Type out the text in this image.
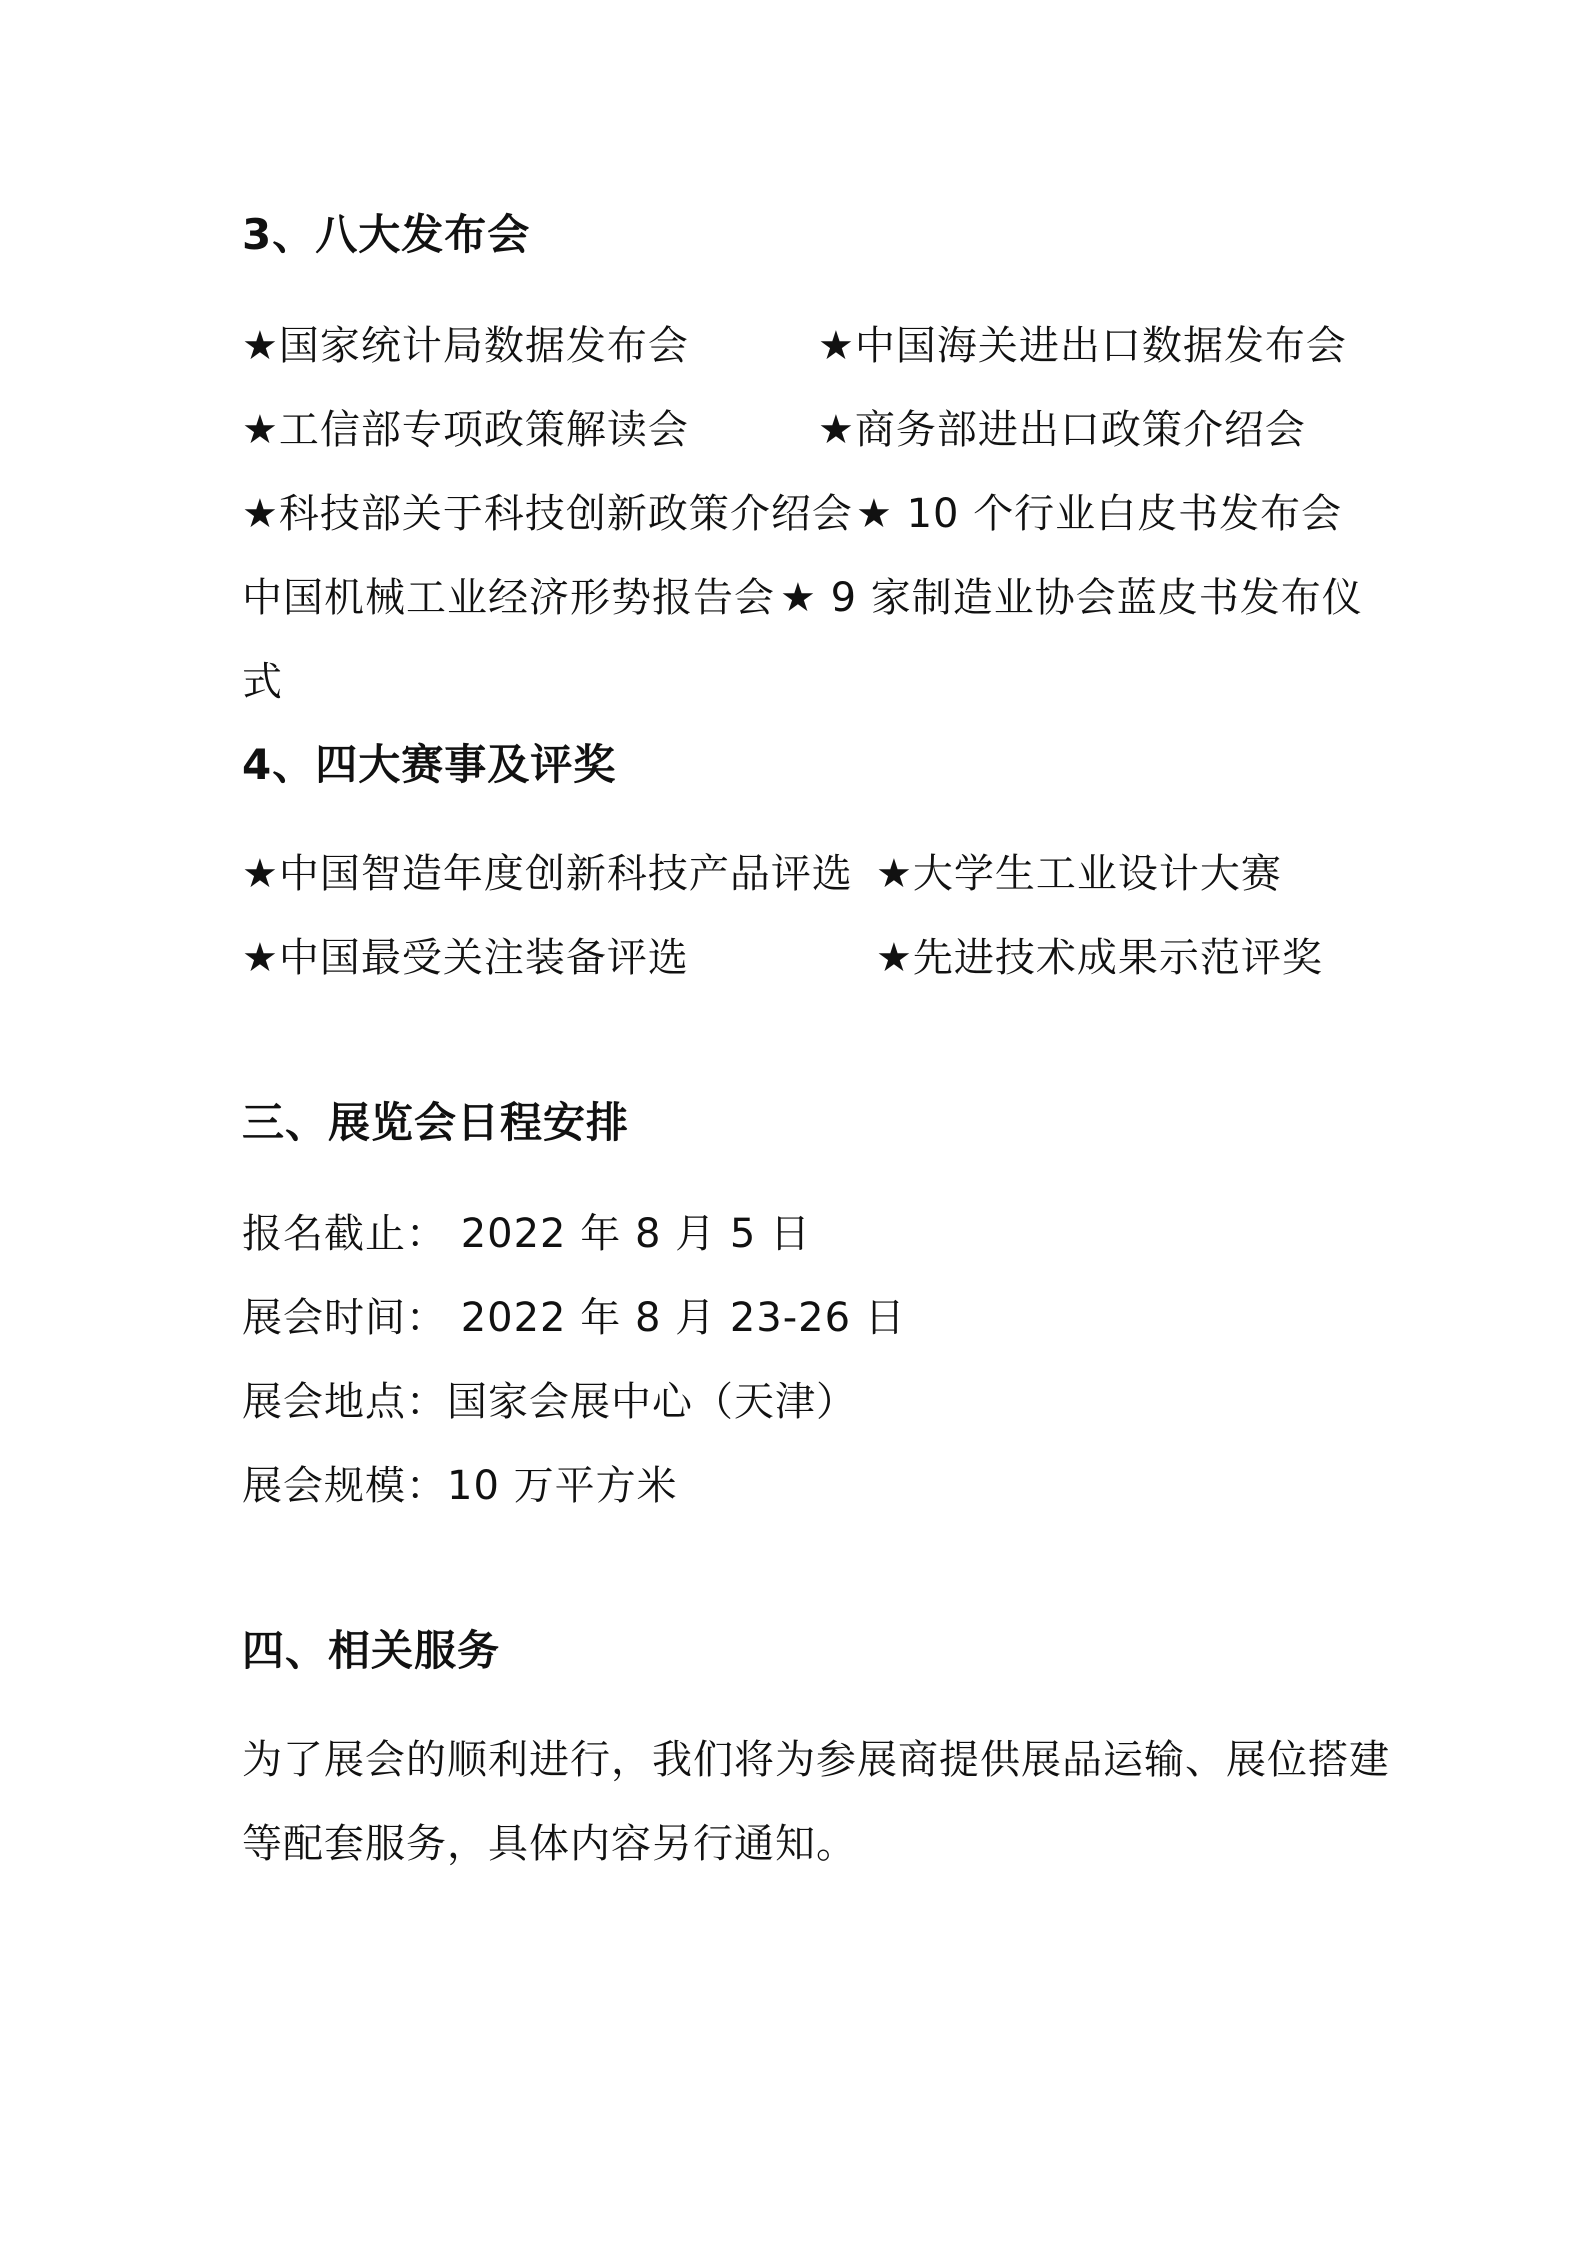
3、八大发布会
★国家统计局数据发布会	★中国海关进出口数据发布会
★工信部专项政策解读会	★商务部进出口政策介绍会
★科技部关于科技创新政策介绍会 ★ 10 个行业白皮书发布会
中国机械工业经济形势报告会 ★ 9 家制造业协会蓝皮书发布仪
式
4、四大赛事及评奖
★中国智造年度创新科技产品评选 ★大学生工业设计大赛
★中国最受关注装备评选	★先进技术成果示范评奖
三、展览会日程安排
报名截止： 2022 年 8 月 5 日
展会时间： 2022 年 8 月 23-26 日
展会地点：国家会展中心（天津）
展会规模：10 万平方米
四、相关服务
为了展会的顺利进行，我们将为参展商提供展品运输、展位搭建
等配套服务，具体内容另行通知。
